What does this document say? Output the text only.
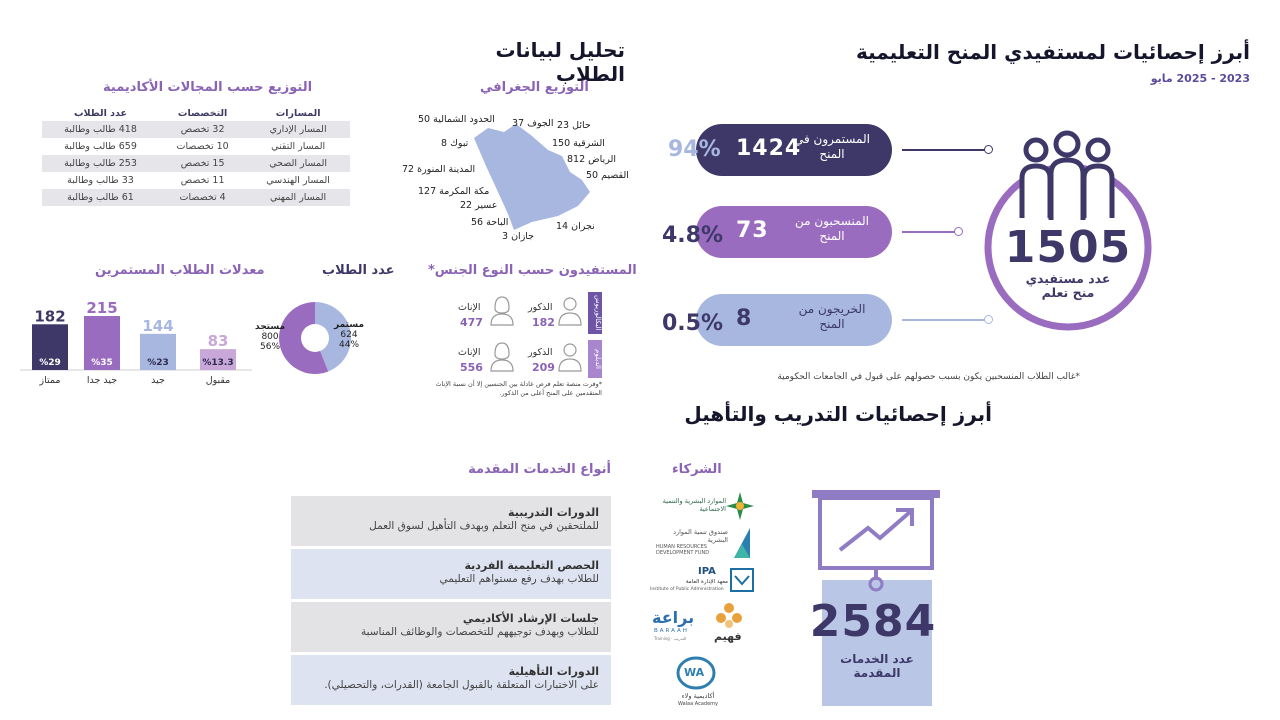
أبرز إحصائيات لمستفيدي المنح التعليمية
2023 - 2025 مايو
1505
عدد مستفيدي منح تعلم
المستمرون في المنح
1424
94%
المنسحبون من المنح
73
4.8%
الخريجون من المنح
8
0.5%
*غالب الطلاب المنسحبين يكون بسبب حصولهم على قبول في الجامعات الحكومية
تحليل لبيانات الطلاب
التوزيع الجغرافي
حائل 23
الجوف 37
الحدود الشمالية 50
الشرقية 150
تبوك 8
الرياض 812
القصيم 50
المدينة المنورة 72
مكة المكرمة 127
عسير 22
الباحة 56	نجران 14
جازان 3
التوزيع حسب المجالات الأكاديمية
المسارات	التخصصات	عدد الطلاب
المسار الإداري	32 تخصص	418 طالب وطالبة
المسار التقني	10 تخصصات	659 طالب وطالبة
المسار الصحي	15 تخصص	253 طالب وطالبة
المسار الهندسي	11 تخصص	33 طالب وطالبة
المسار المهني	4 تخصصات	61 طالب وطالبة
المستفيدون حسب النوع الجنس*
البكالوريوس
الدبلوم
الذكور
182
الإناث
477
الذكور
209
الإناث
556
*وفرت منصة تعلم فرص عادلة بين الجنسين إلا أن نسبة الإناث المتقدمين على المنح أعلى من الذكور.
عدد الطلاب
مستمر
624
44%
مستجد
800
56%
معدلات الطلاب المستمرين
182
%29
ممتاز
215
%35
جيد جدا
144
%23
جيد
83
%13.3
مقبول
أبرز إحصائيات التدريب والتأهيل
الشركاء
أنواع الخدمات المقدمة
الدورات التدريبية
للملتحقين في منح التعلم وبهدف التأهيل لسوق العمل
الحصص التعليمية الفردية
للطلاب بهدف رفع مستواهم التعليمي
جلسات الإرشاد الأكاديمي
للطلاب وبهدف توجيههم للتخصصات والوظائف المناسبة
الدورات التأهيلية
على الاختبارات المتعلقة بالقبول الجامعة (القدرات، والتحصيلي).
الموارد البشرية والتنمية الاجتماعية
صندوق تنمية الموارد البشرية
HUMAN RESOURCES DEVELOPMENT FUND
IPA
معهد الإدارة العامة
Institute of Public Administration
براعة
BARAAH
Training · التدريب	فهيم
WA
أكاديمية ولاء
Walaa Academy
2584
عدد الخدمات المقدمة
